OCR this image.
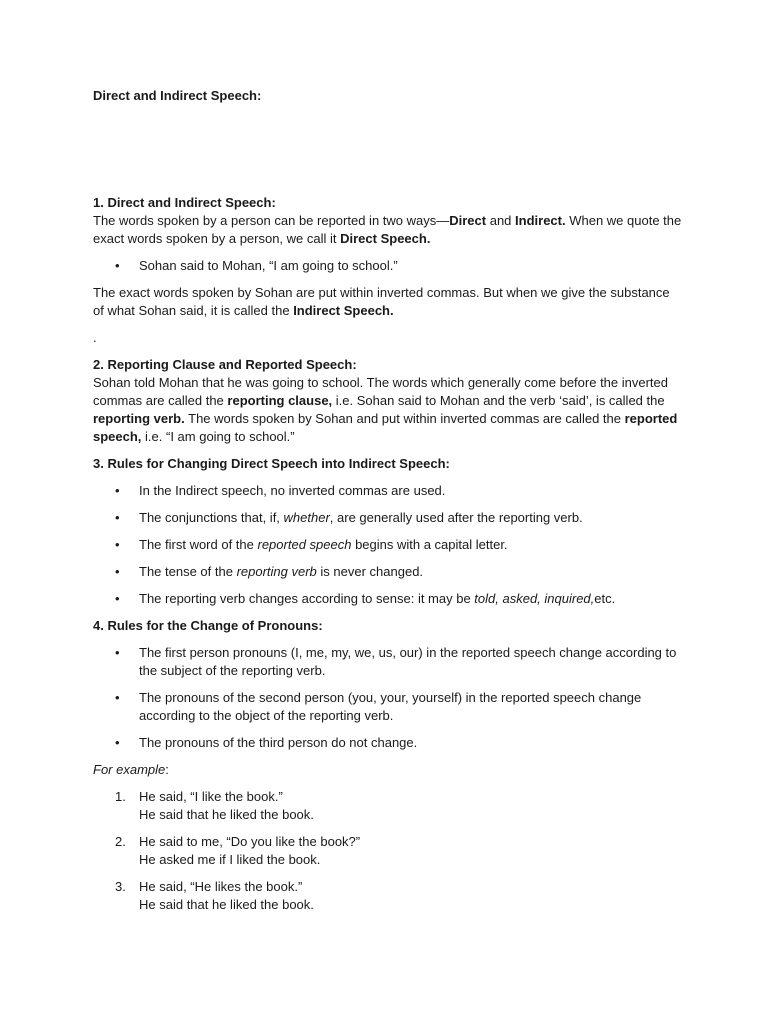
Direct and Indirect Speech:

1. Direct and Indirect Speech:

The words spoken by a person can be reported in two ways—Direct and Indirect. When we quote the exact words spoken by a person, we call it Direct Speech.

• Sohan said to Mohan, “I am going to school.”

The exact words spoken by Sohan are put within inverted commas. But when we give the substance of what Sohan said, it is called the Indirect Speech.

.

2. Reporting Clause and Reported Speech:

Sohan told Mohan that he was going to school. The words which generally come before the inverted commas are called the reporting clause, i.e. Sohan said to Mohan and the verb ‘said’, is called the reporting verb. The words spoken by Sohan and put within inverted commas are called the reported speech, i.e. “I am going to school.”

3. Rules for Changing Direct Speech into Indirect Speech:

• In the Indirect speech, no inverted commas are used.
• The conjunctions that, if, whether, are generally used after the reporting verb.
• The first word of the reported speech begins with a capital letter.
• The tense of the reporting verb is never changed.
• The reporting verb changes according to sense: it may be told, asked, inquired,etc.

4. Rules for the Change of Pronouns:

• The first person pronouns (I, me, my, we, us, our) in the reported speech change according to the subject of the reporting verb.
• The pronouns of the second person (you, your, yourself) in the reported speech change according to the object of the reporting verb.
• The pronouns of the third person do not change.

For example:

1. He said, “I like the book.”
He said that he liked the book.
2. He said to me, “Do you like the book?”
He asked me if I liked the book.
3. He said, “He likes the book.”
He said that he liked the book.
